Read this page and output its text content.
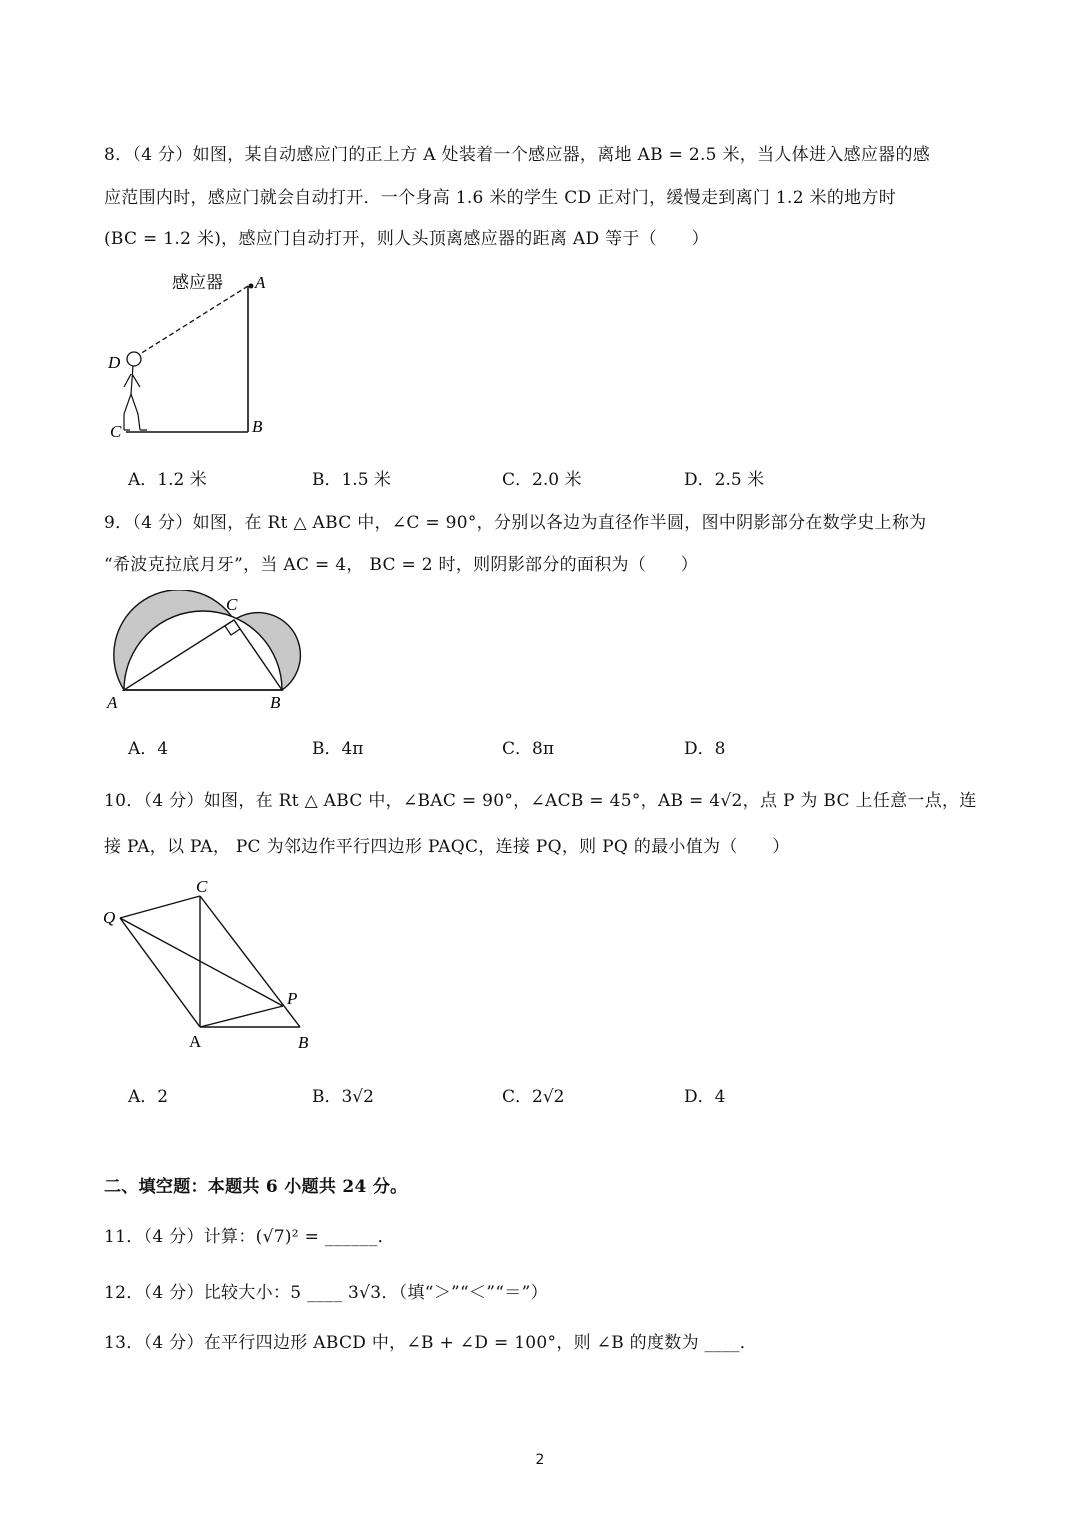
8．（4 分）如图，某自动感应门的正上方 A 处装着一个感应器，离地 AB = 2.5 米，当人体进入感应器的感
应范围内时，感应门就会自动打开．一个身高 1.6 米的学生 CD 正对门，缓慢走到离门 1.2 米的地方时
(BC = 1.2 米)，感应门自动打开，则人头顶离感应器的距离 AD 等于（　　）
感应器 A
D
C	B
A．1.2 米	B．1.5 米	C．2.0 米	D．2.5 米
9．（4 分）如图，在 Rt △ ABC 中，∠C = 90°，分别以各边为直径作半圆，图中阴影部分在数学史上称为
“希波克拉底月牙”，当 AC = 4， BC = 2 时，则阴影部分的面积为（　　）
C
A	B
A．4	B．4π	C．8π	D．8
10．（4 分）如图，在 Rt △ ABC 中，∠BAC = 90°，∠ACB = 45°，AB = 4√2，点 P 为 BC 上任意一点，连
接 PA，以 PA， PC 为邻边作平行四边形 PAQC，连接 PQ，则 PQ 的最小值为（　　）
C
Q
P
A	B
A．2	B．3√2	C．2√2	D．4
二、填空题：本题共 6 小题共 24 分。
11．（4 分）计算：(√7)² = ______．
12．（4 分）比较大小：5 ____ 3√3．（填“＞”“＜”“＝”）
13．（4 分）在平行四边形 ABCD 中，∠B + ∠D = 100°，则 ∠B 的度数为 ____．
2
